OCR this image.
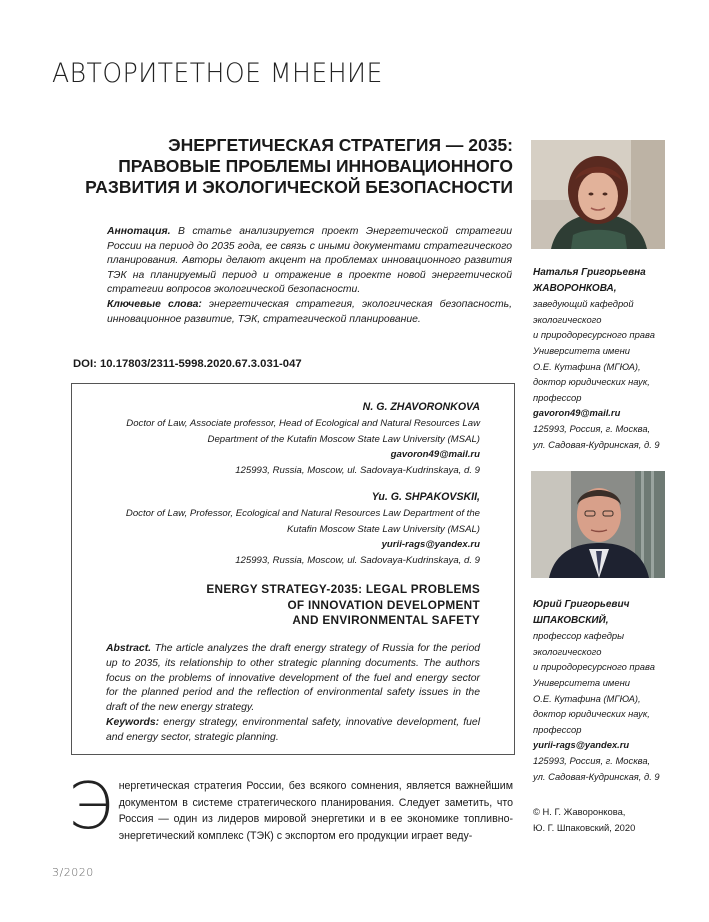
АВТОРИТЕТНОЕ МНЕНИЕ
ЭНЕРГЕТИЧЕСКАЯ СТРАТЕГИЯ — 2035:
ПРАВОВЫЕ ПРОБЛЕМЫ ИННОВАЦИОННОГО
РАЗВИТИЯ И ЭКОЛОГИЧЕСКОЙ БЕЗОПАСНОСТИ
Аннотация. В статье анализируется проект Энергетической стратегии России на период до 2035 года, ее связь с иными документами стратегического планирования. Авторы делают акцент на проблемах инновационного развития ТЭК на планируемый период и отражение в проекте новой энергетической стратегии вопросов экологической безопасности.
Ключевые слова: энергетическая стратегия, экологическая безопасность, инновационное развитие, ТЭК, стратегической планирование.
DOI: 10.17803/2311-5998.2020.67.3.031-047
N. G. ZHAVORONKOVA
Doctor of Law, Associate professor, Head of Ecological and Natural Resources Law
Department of the Kutafin Moscow State Law University (MSAL)
gavoron49@mail.ru
125993, Russia, Moscow, ul. Sadovaya-Kudrinskaya, d. 9
Yu. G. SHPAKOVSKII,
Doctor of Law, Professor, Ecological and Natural Resources Law Department of the
Kutafin Moscow State Law University (MSAL)
yurii-rags@yandex.ru
125993, Russia, Moscow, ul. Sadovaya-Kudrinskaya, d. 9
ENERGY STRATEGY-2035: LEGAL PROBLEMS
OF INNOVATION DEVELOPMENT
AND ENVIRONMENTAL SAFETY
Abstract. The article analyzes the draft energy strategy of Russia for the period up to 2035, its relationship to other strategic planning documents. The authors focus on the problems of innovative development of the fuel and energy sector for the planned period and the reflection of environmental safety issues in the draft of the new energy strategy.
Keywords: energy strategy, environmental safety, innovative development, fuel and energy sector, strategic planning.
Наталья Григорьевна
ЖАВОРОНКОВА,
заведующий кафедрой
экологического
и природоресурсного права
Университета имени
О.Е. Кутафина (МГЮА),
доктор юридических наук,
профессор
gavoron49@mail.ru
125993, Россия, г. Москва,
ул. Садовая-Кудринская, д. 9
Юрий Григорьевич
ШПАКОВСКИЙ,
профессор кафедры
экологического
и природоресурсного права
Университета имени
О.Е. Кутафина (МГЮА),
доктор юридических наук,
профессор
yurii-rags@yandex.ru
125993, Россия, г. Москва,
ул. Садовая-Кудринская, д. 9
© Н. Г. Жаворонкова,
Ю. Г. Шпаковский, 2020
Энергетическая стратегия России, без всякого сомнения, является важнейшим документом в системе стратегического планирования. Следует заметить, что Россия — один из лидеров мировой энергетики и в ее экономике топливно-энергетический комплекс (ТЭК) с экспортом его продукции играет веду-
3/2020
